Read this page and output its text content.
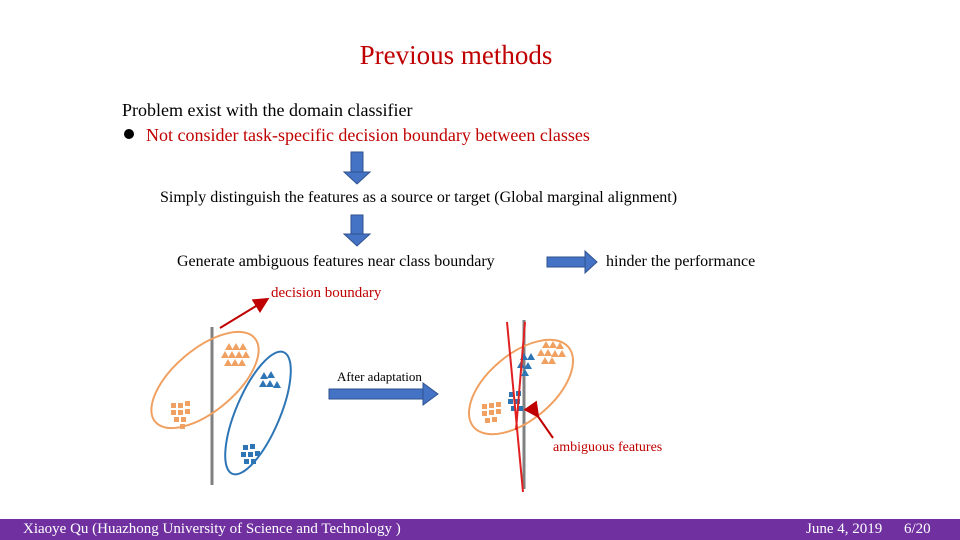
Previous methods
Problem exist with the domain classifier
Not consider task-specific decision boundary between classes
Simply distinguish the features as a source or target (Global marginal alignment)
Generate ambiguous features near class boundary	hinder the performance
decision boundary
After adaptation
ambiguous features
Xiaoye Qu (Huazhong University of Science and Technology )	June 4, 2019 6/20
